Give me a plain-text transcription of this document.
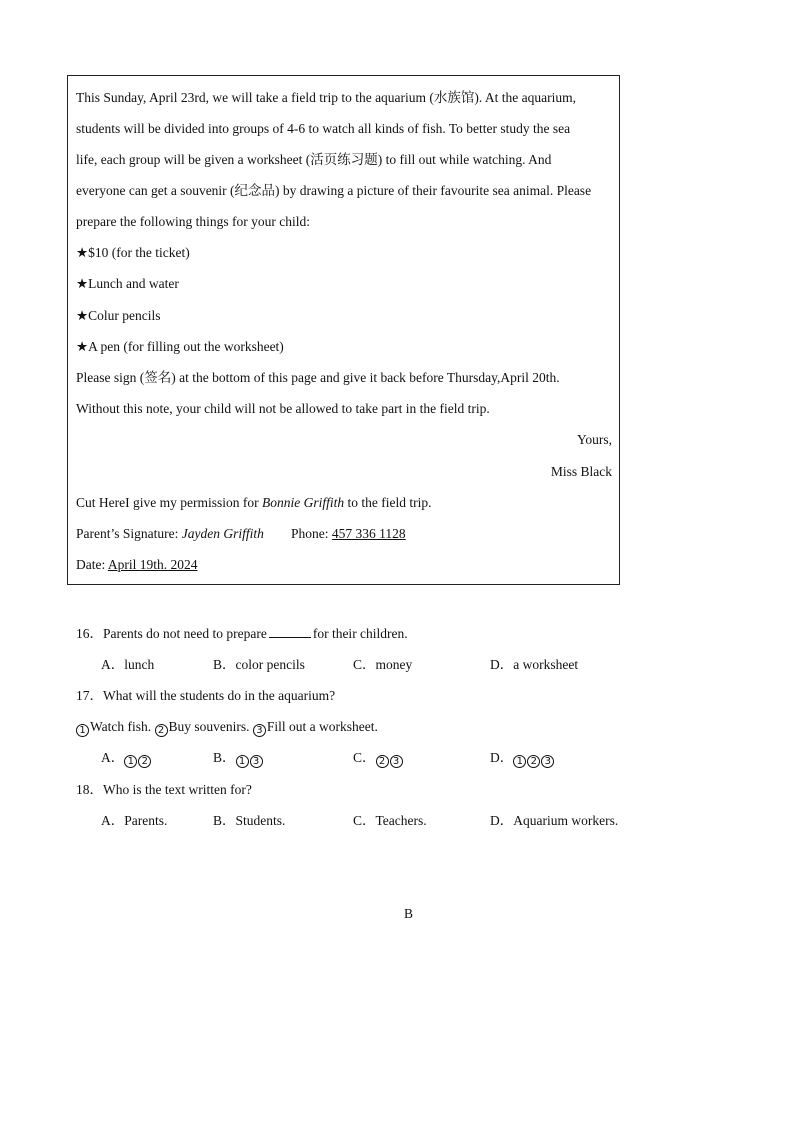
This Sunday, April 23rd, we will take a field trip to the aquarium (水族馆). At the aquarium,
students will be divided into groups of 4-6 to watch all kinds of fish. To better study the sea
life, each group will be given a worksheet (活页练习题) to fill out while watching. And
everyone can get a souvenir (纪念品) by drawing a picture of their favourite sea animal. Please
prepare the following things for your child:
★$10 (for the ticket)
★Lunch and water
★Colur pencils
★A pen (for filling out the worksheet)
Please sign (签名) at the bottom of this page and give it back before Thursday,April 20th.
Without this note, your child will not be allowed to take part in the field trip.
Yours,
Miss Black
Cut HereI give my permission for Bonnie Griffith to the field trip.
Parent’s Signature: Jayden Griffith Phone: 457 336 1128
Date: April 19th. 2024
16．Parents do not need to prepare	for their children.
A．lunch	B．color pencils	C．money	D．a worksheet
17．What will the students do in the aquarium?
1 Watch fish. 2 Buy souvenirs. 3 Fill out a worksheet.
A． 1 2	B． 1 3	C． 2 3	D． 1 2 3
18．Who is the text written for?
A．Parents.	B．Students.	C．Teachers.	D．Aquarium workers.
B
